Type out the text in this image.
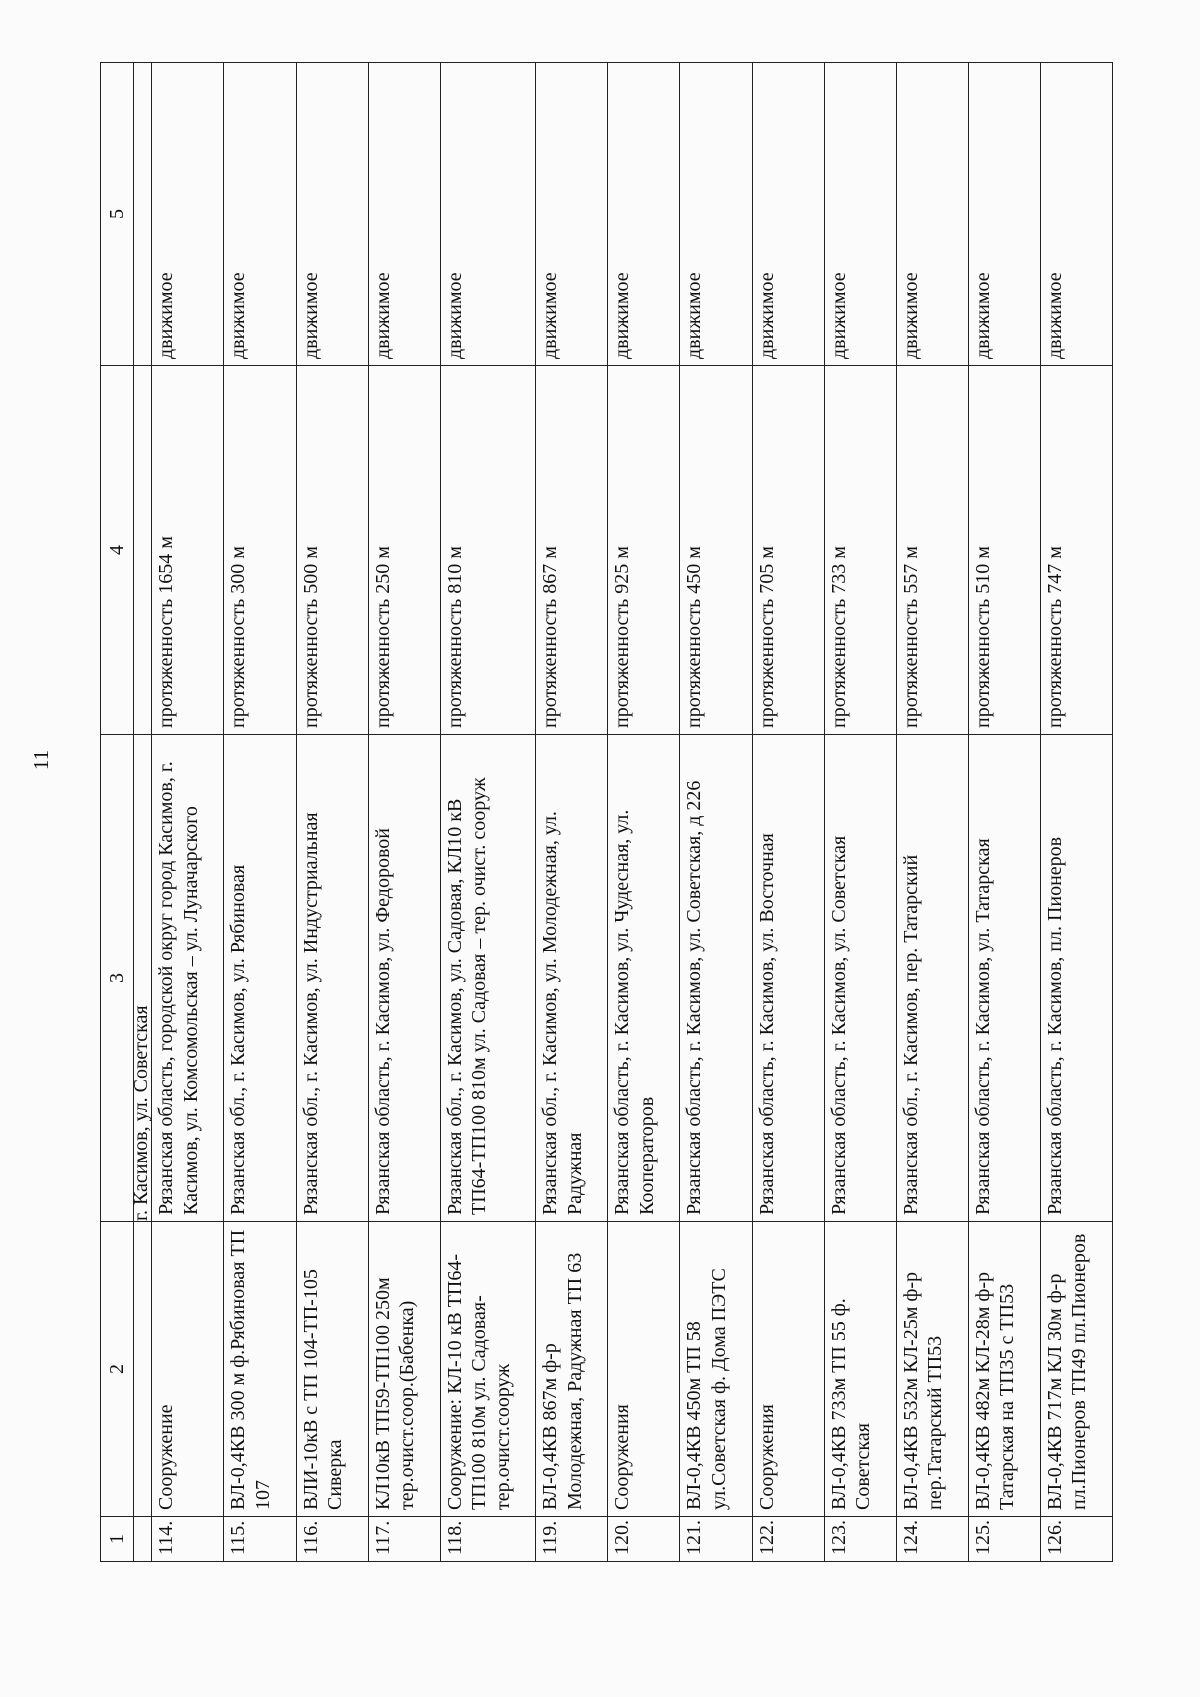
11
1	2	3	4	5
		г. Касимов, ул. Советская		
114.	Сооружение	Рязанская область, городской округ город Касимов, г. Касимов, ул. Комсомольская – ул. Луначарского	протяженность 1654 м	движимое
115.	ВЛ-0,4КВ 300 м ф.Рябиновая ТП 107	Рязанская обл., г. Касимов, ул. Рябиновая	протяженность 300 м	движимое
116.	ВЛИ-10кВ с ТП 104-ТП-105 Сиверка	Рязанская обл., г. Касимов, ул. Индустриальная	протяженность 500 м	движимое
117.	КЛ10кВ ТП59-ТП100 250м тер.очист.соор.(Бабенка)	Рязанская область, г. Касимов, ул. Федоровой	протяженность 250 м	движимое
118.	Сооружение: КЛ-10 кВ ТП64-ТП100 810м ул. Садовая-тер.очист.сооруж	Рязанская обл., г. Касимов, ул. Садовая, КЛ10 кВ ТП64-ТП100 810м ул. Садовая – тер. очист. сооруж	протяженность 810 м	движимое
119.	ВЛ-0,4КВ 867м ф-р Молодежная, Радужная ТП 63	Рязанская обл., г. Касимов, ул. Молодежная, ул. Радужная	протяженность 867 м	движимое
120.	Сооружения	Рязанская область, г. Касимов, ул. Чудесная, ул. Кооператоров	протяженность 925 м	движимое
121.	ВЛ-0,4КВ 450м ТП 58 ул.Советская ф. Дома ПЭТС	Рязанская область, г. Касимов, ул. Советская, д 226	протяженность 450 м	движимое
122.	Сооружения	Рязанская область, г. Касимов, ул. Восточная	протяженность 705 м	движимое
123.	ВЛ-0,4КВ 733м ТП 55 ф. Советская	Рязанская область, г. Касимов, ул. Советская	протяженность 733 м	движимое
124.	ВЛ-0,4КВ 532м КЛ-25м ф-р пер.Татарский ТП53	Рязанская обл., г. Касимов, пер. Татарский	протяженность 557 м	движимое
125.	ВЛ-0,4КВ 482м КЛ-28м ф-р Татарская на ТП35 с ТП53	Рязанская область, г. Касимов, ул. Татарская	протяженность 510 м	движимое
126.	ВЛ-0,4КВ 717м КЛ 30м ф-р пл.Пионеров ТП49 пл.Пионеров	Рязанская область, г. Касимов, пл. Пионеров	протяженность 747 м	движимое
